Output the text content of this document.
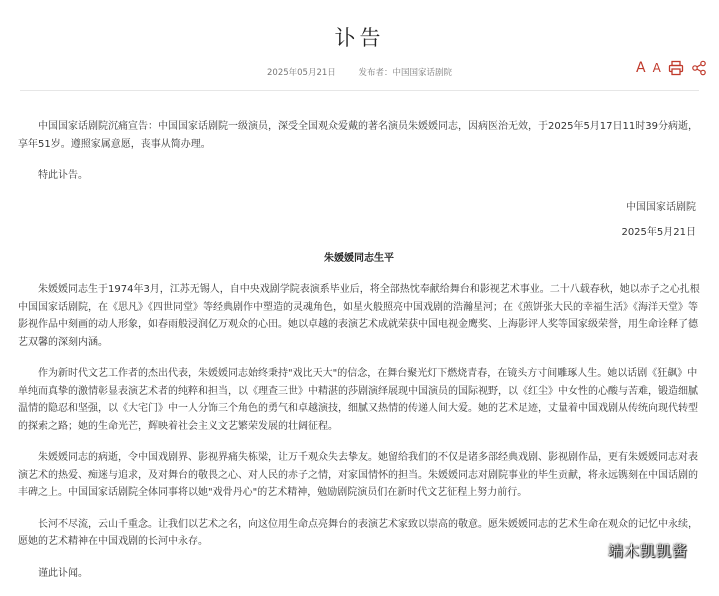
讣告
2025年05月21日	发布者：中国国家话剧院	A A

中国国家话剧院沉痛宣告：中国国家话剧院一级演员，深受全国观众爱戴的著名演员朱媛媛同志，因病医治无效，于2025年5月17日11时39分病逝，享年51岁。遵照家属意愿，丧事从简办理。

特此讣告。

中国国家话剧院

2025年5月21日

朱媛媛同志生平

朱媛媛同志生于1974年3月，江苏无锡人，自中央戏剧学院表演系毕业后，将全部热忱奉献给舞台和影视艺术事业。二十八载春秋，她以赤子之心扎根中国国家话剧院，在《思凡》《四世同堂》等经典剧作中塑造的灵魂角色，如星火般照亮中国戏剧的浩瀚星河；在《煎饼张大民的幸福生活》《海洋天堂》等影视作品中刻画的动人形象，如春雨般浸润亿万观众的心田。她以卓越的表演艺术成就荣获中国电视金鹰奖、上海影评人奖等国家级荣誉，用生命诠释了德艺双馨的深刻内涵。

作为新时代文艺工作者的杰出代表，朱媛媛同志始终秉持"戏比天大"的信念，在舞台聚光灯下燃烧青春，在镜头方寸间雕琢人生。她以话剧《狂飙》中单纯而真挚的激情彰显表演艺术者的纯粹和担当，以《理查三世》中精湛的莎剧演绎展现中国演员的国际视野，以《红尘》中女性的心酸与苦难，锻造细腻温情的隐忍和坚强，以《大宅门》中一人分饰三个角色的勇气和卓越演技，细腻又热情的传递人间大爱。她的艺术足迹，丈量着中国戏剧从传统向现代转型的探索之路；她的生命光芒，辉映着社会主义文艺繁荣发展的壮阔征程。

朱媛媛同志的病逝，令中国戏剧界、影视界痛失栋梁，让万千观众失去挚友。她留给我们的不仅是诸多部经典戏剧、影视剧作品，更有朱媛媛同志对表演艺术的热爱、痴迷与追求，及对舞台的敬畏之心、对人民的赤子之情，对家国情怀的担当。朱媛媛同志对剧院事业的毕生贡献，将永远镌刻在中国话剧的丰碑之上。中国国家话剧院全体同事将以她"戏骨丹心"的艺术精神，勉励剧院演员们在新时代文艺征程上努力前行。

长河不尽流，云山千重念。让我们以艺术之名，向这位用生命点亮舞台的表演艺术家致以崇高的敬意。愿朱媛媛同志的艺术生命在观众的记忆中永续，愿她的艺术精神在中国戏剧的长河中永存。

谨此讣闻。

端木凯凯酱
